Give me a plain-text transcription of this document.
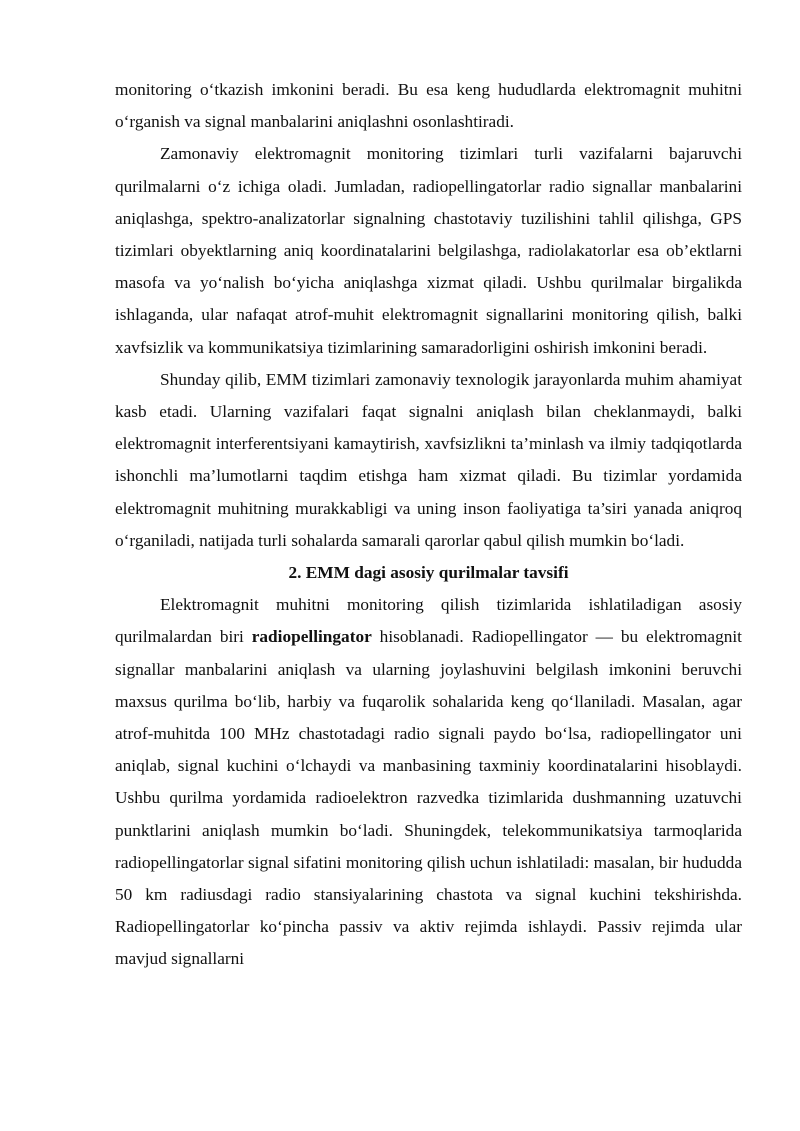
monitoring o‘tkazish imkonini beradi. Bu esa keng hududlarda elektromagnit muhitni o‘rganish va signal manbalarini aniqlashni osonlashtiradi.

Zamonaviy elektromagnit monitoring tizimlari turli vazifalarni bajaruvchi qurilmalarni o‘z ichiga oladi. Jumladan, radiopellingatorlar radio signallar manbalarini aniqlashga, spektro-analizatorlar signalning chastotaviy tuzilishini tahlil qilishga, GPS tizimlari obyektlarning aniq koordinatalarini belgilashga, radiolakatorlar esa ob’ektlarni masofa va yo‘nalish bo‘yicha aniqlashga xizmat qiladi. Ushbu qurilmalar birgalikda ishlaganda, ular nafaqat atrof-muhit elektromagnit signallarini monitoring qilish, balki xavfsizlik va kommunikatsiya tizimlarining samaradorligini oshirish imkonini beradi.

Shunday qilib, EMM tizimlari zamonaviy texnologik jarayonlarda muhim ahamiyat kasb etadi. Ularning vazifalari faqat signalni aniqlash bilan cheklanmaydi, balki elektromagnit interferentsiyani kamaytirish, xavfsizlikni ta’minlash va ilmiy tadqiqotlarda ishonchli ma’lumotlarni taqdim etishga ham xizmat qiladi. Bu tizimlar yordamida elektromagnit muhitning murakkabligi va uning inson faoliyatiga ta’siri yanada aniqroq o‘rganiladi, natijada turli sohalarda samarali qarorlar qabul qilish mumkin bo‘ladi.

2. EMM dagi asosiy qurilmalar tavsifi

Elektromagnit muhitni monitoring qilish tizimlarida ishlatiladigan asosiy qurilmalardan biri radiopellingator hisoblanadi. Radiopellingator — bu elektromagnit signallar manbalarini aniqlash va ularning joylashuvini belgilash imkonini beruvchi maxsus qurilma bo‘lib, harbiy va fuqarolik sohalarida keng qo‘llaniladi. Masalan, agar atrof-muhitda 100 MHz chastotadagi radio signali paydo bo‘lsa, radiopellingator uni aniqlab, signal kuchini o‘lchaydi va manbasining taxminiy koordinatalarini hisoblaydi. Ushbu qurilma yordamida radioelektron razvedka tizimlarida dushmanning uzatuvchi punktlarini aniqlash mumkin bo‘ladi. Shuningdek, telekommunikatsiya tarmoqlarida radiopellingatorlar signal sifatini monitoring qilish uchun ishlatiladi: masalan, bir hududda 50 km radiusdagi radio stansiyalarining chastota va signal kuchini tekshirishda. Radiopellingatorlar ko‘pincha passiv va aktiv rejimda ishlaydi. Passiv rejimda ular mavjud signallarni
